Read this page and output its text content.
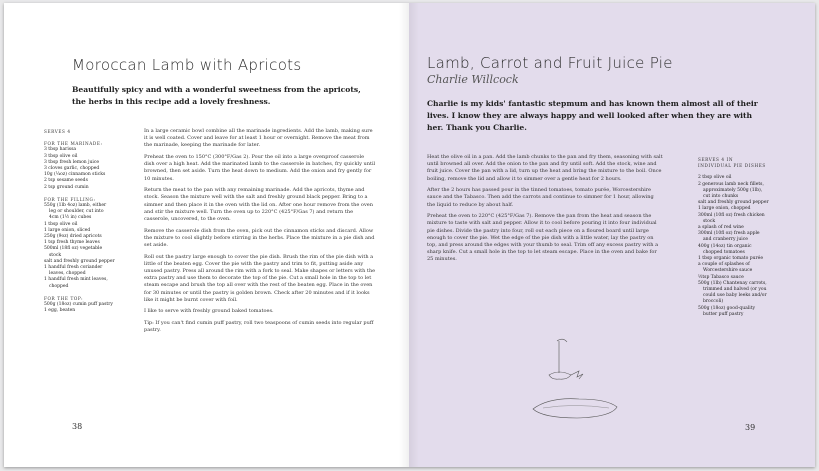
Moroccan Lamb with Apricots
Beautifully spicy and with a wonderful sweetness from the apricots, the herbs in this recipe add a lovely freshness.
SERVES 4
FOR THE MARINADE:
3 tbsp harissa
3 tbsp olive oil
3 tbsp fresh lemon juice
3 cloves garlic, chopped
10g (¼oz) cinnamon sticks
2 tsp sesame seeds
2 tsp ground cumin
FOR THE FILLING:
550g (1lb 4oz) lamb, either
leg or shoulder, cut into
4cm (1½ in) cubes
1 tbsp olive oil
1 large onion, sliced
250g (9oz) dried apricots
1 tsp fresh thyme leaves
500ml (18fl oz) vegetable
stock
salt and freshly ground pepper
1 handful fresh coriander
leaves, chopped
1 handful fresh mint leaves,
chopped
FOR THE TOP:
500g (18oz) cumin puff pastry
1 egg, beaten

In a large ceramic bowl combine all the marinade ingredients. Add the lamb, making sure it is well coated. Cover and leave for at least 1 hour or overnight. Remove the meat from the marinade, keeping the marinade for later.

Preheat the oven to 150°C (300°F/Gas 2). Pour the oil into a large ovenproof casserole dish over a high heat. Add the marinated lamb to the casserole in batches, fry quickly until browned, then set aside. Turn the heat down to medium. Add the onion and fry gently for 10 minutes.

Return the meat to the pan with any remaining marinade. Add the apricots, thyme and stock. Season the mixture well with the salt and freshly ground black pepper. Bring to a simmer and then place it in the oven with the lid on. After one hour remove from the oven and stir the mixture well. Turn the oven up to 220°C (425°F/Gas 7) and return the casserole, uncovered, to the oven.

Remove the casserole dish from the oven, pick out the cinnamon sticks and discard. Allow the mixture to cool slightly before stirring in the herbs. Place the mixture in a pie dish and set aside.

Roll out the pastry large enough to cover the pie dish. Brush the rim of the pie dish with a little of the beaten egg. Cover the pie with the pastry and trim to fit, putting aside any unused pastry. Press all around the rim with a fork to seal. Make shapes or letters with the extra pastry and use them to decorate the top of the pie. Cut a small hole in the top to let steam escape and brush the top all over with the rest of the beaten egg. Place in the oven for 30 minutes or until the pastry is golden brown. Check after 20 minutes and if it looks like it might be burnt cover with foil.

I like to serve with freshly ground baked tomatoes.

Tip: If you can't find cumin puff pastry, roll two teaspoons of cumin seeds into regular puff pastry.

38
Lamb, Carrot and Fruit Juice Pie
Charlie Willcock
Charlie is my kids' fantastic stepmum and has known them almost all of their lives. I know they are always happy and well looked after when they are with her. Thank you Charlie.

Heat the olive oil in a pan. Add the lamb chunks to the pan and fry them, seasoning with salt until browned all over. Add the onion to the pan and fry until soft. Add the stock, wine and fruit juice. Cover the pan with a lid, turn up the heat and bring the mixture to the boil. Once boiling, remove the lid and allow it to simmer over a gentle heat for 2 hours.

After the 2 hours has passed pour in the tinned tomatoes, tomato purée, Worcestershire sauce and the Tabasco. Then add the carrots and continue to simmer for 1 hour, allowing the liquid to reduce by about half.

Preheat the oven to 220°C (425°F/Gas 7). Remove the pan from the heat and season the mixture to taste with salt and pepper. Allow it to cool before pouring it into four individual pie dishes. Divide the pastry into four, roll out each piece on a floured board until large enough to cover the pie. Wet the edge of the pie dish with a little water, lay the pastry on top, and press around the edges with your thumb to seal. Trim off any excess pastry with a sharp knife. Cut a small hole in the top to let steam escape. Place in the oven and bake for 25 minutes.

SERVES 4 IN
INDIVIDUAL PIE DISHES
2 tbsp olive oil
2 generous lamb neck fillets,
approximately 500g (1lb),
cut into chunks
salt and freshly ground pepper
1 large onion, chopped
300ml (10fl oz) fresh chicken
stock
a splash of red wine
300ml (10fl oz) fresh apple
and cranberry juice
400g (14oz) tin organic
chopped tomatoes
1 tbsp organic tomato purée
a couple of splashes of
Worcestershire sauce
½tsp Tabasco sauce
500g (1lb) Chantenay carrots,
trimmed and halved (or you
could use baby leeks and/or
broccoli)
500g (18oz) good-quality
butter puff pastry
39
